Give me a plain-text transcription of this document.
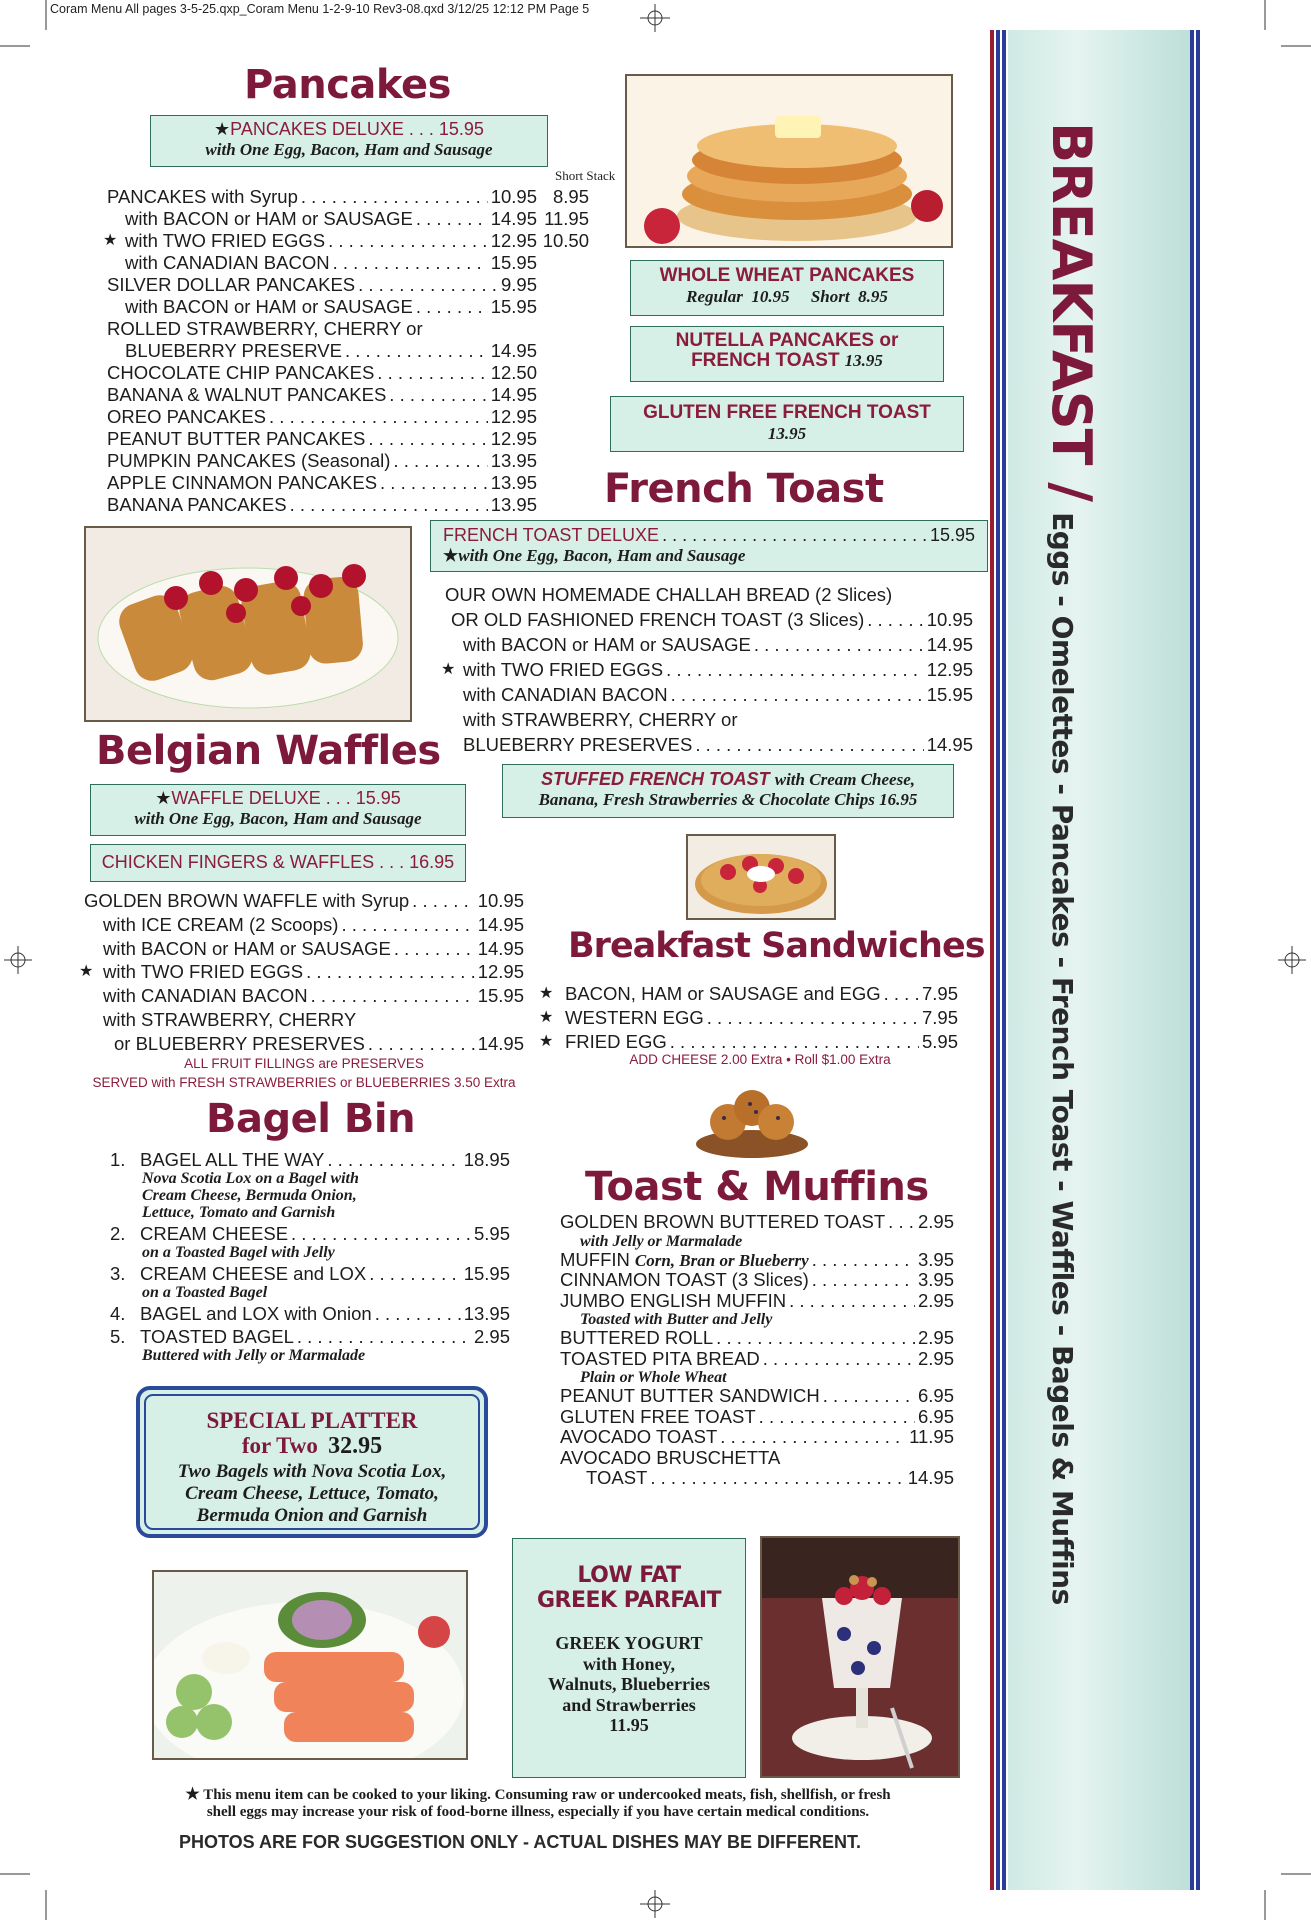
Coram Menu All pages 3-5-25.qxp_Coram Menu 1-2-9-10 Rev3-08.qxd 3/12/25 12:12 PM Page 5
BREAKFAST / Eggs - Omelettes - Pancakes - French Toast - Waffles - Bagels & Muffins
Pancakes
★PANCAKES DELUXE . . . 15.95
with One Egg, Bacon, Ham and Sausage
Short Stack
PANCAKES with Syrup . . .	10.95 8.95
with BACON or HAM or SAUSAGE . . .	14.95 11.95
★ with TWO FRIED EGGS . . .	12.95 10.50
with CANADIAN BACON . . .	15.95
SILVER DOLLAR PANCAKES . . .	9.95
with BACON or HAM or SAUSAGE . . .	15.95
ROLLED STRAWBERRY, CHERRY or
BLUEBERRY PRESERVE . . .	14.95
CHOCOLATE CHIP PANCAKES . . .	12.50
BANANA & WALNUT PANCAKES . . .	14.95
OREO PANCAKES . . .	12.95
PEANUT BUTTER PANCAKES . . .	12.95
PUMPKIN PANCAKES (Seasonal) . . .	13.95
APPLE CINNAMON PANCAKES . . .	13.95
BANANA PANCAKES . . .	13.95
WHOLE WHEAT PANCAKES
Regular  10.95     Short  8.95
NUTELLA PANCAKES or
FRENCH TOAST 13.95
GLUTEN FREE FRENCH TOAST
13.95
French Toast
FRENCH TOAST DELUXE . . .	15.95
★with One Egg, Bacon, Ham and Sausage
OUR OWN HOMEMADE CHALLAH BREAD (2 Slices)
OR OLD FASHIONED FRENCH TOAST (3 Slices) . . .	10.95
with BACON or HAM or SAUSAGE . . .	14.95
★ with TWO FRIED EGGS . . .	12.95
with CANADIAN BACON . . .	15.95
with STRAWBERRY, CHERRY or
BLUEBERRY PRESERVES . . .	14.95
STUFFED FRENCH TOAST with Cream Cheese,
Banana, Fresh Strawberries & Chocolate Chips 16.95
Belgian Waffles
★WAFFLE DELUXE . . . 15.95
with One Egg, Bacon, Ham and Sausage
CHICKEN FINGERS & WAFFLES . . . 16.95
GOLDEN BROWN WAFFLE with Syrup . . .	10.95
with ICE CREAM (2 Scoops) . . .	14.95
with BACON or HAM or SAUSAGE . . .	14.95
★ with TWO FRIED EGGS . . .	12.95
with CANADIAN BACON . . .	15.95
with STRAWBERRY, CHERRY
or BLUEBERRY PRESERVES . . .	14.95
ALL FRUIT FILLINGS are PRESERVES
SERVED with FRESH STRAWBERRIES or BLUEBERRIES 3.50 Extra
Breakfast Sandwiches
★ BACON, HAM or SAUSAGE and EGG . . . 7.95
★ WESTERN EGG . . .	7.95
★ FRIED EGG . . .	5.95
ADD CHEESE 2.00 Extra • Roll $1.00 Extra
Bagel Bin
1. BAGEL ALL THE WAY . . .	18.95
Nova Scotia Lox on a Bagel with
Cream Cheese, Bermuda Onion,
Lettuce, Tomato and Garnish
2. CREAM CHEESE . . .	5.95
on a Toasted Bagel with Jelly
3. CREAM CHEESE and LOX . . .	15.95
on a Toasted Bagel
4. BAGEL and LOX with Onion . . .	13.95
5. TOASTED BAGEL . . .	2.95
Buttered with Jelly or Marmalade
SPECIAL PLATTER
for Two 32.95
Two Bagels with Nova Scotia Lox,
Cream Cheese, Lettuce, Tomato,
Bermuda Onion and Garnish
Toast & Muffins
GOLDEN BROWN BUTTERED TOAST . . . 2.95
with Jelly or Marmalade
MUFFIN Corn, Bran or Blueberry . . .	3.95
CINNAMON TOAST (3 Slices) . . .	3.95
JUMBO ENGLISH MUFFIN . . .	2.95
Toasted with Butter and Jelly
BUTTERED ROLL . . .	2.95
TOASTED PITA BREAD . . .	2.95
Plain or Whole Wheat
PEANUT BUTTER SANDWICH . . .	6.95
GLUTEN FREE TOAST . . .	6.95
AVOCADO TOAST . . .	11.95
AVOCADO BRUSCHETTA
TOAST . . .	14.95
LOW FAT
GREEK PARFAIT
GREEK YOGURT
with Honey,
Walnuts, Blueberries
and Strawberries
11.95
★ This menu item can be cooked to your liking. Consuming raw or undercooked meats, fish, shellfish, or fresh
shell eggs may increase your risk of food-borne illness, especially if you have certain medical conditions.
PHOTOS ARE FOR SUGGESTION ONLY - ACTUAL DISHES MAY BE DIFFERENT.
